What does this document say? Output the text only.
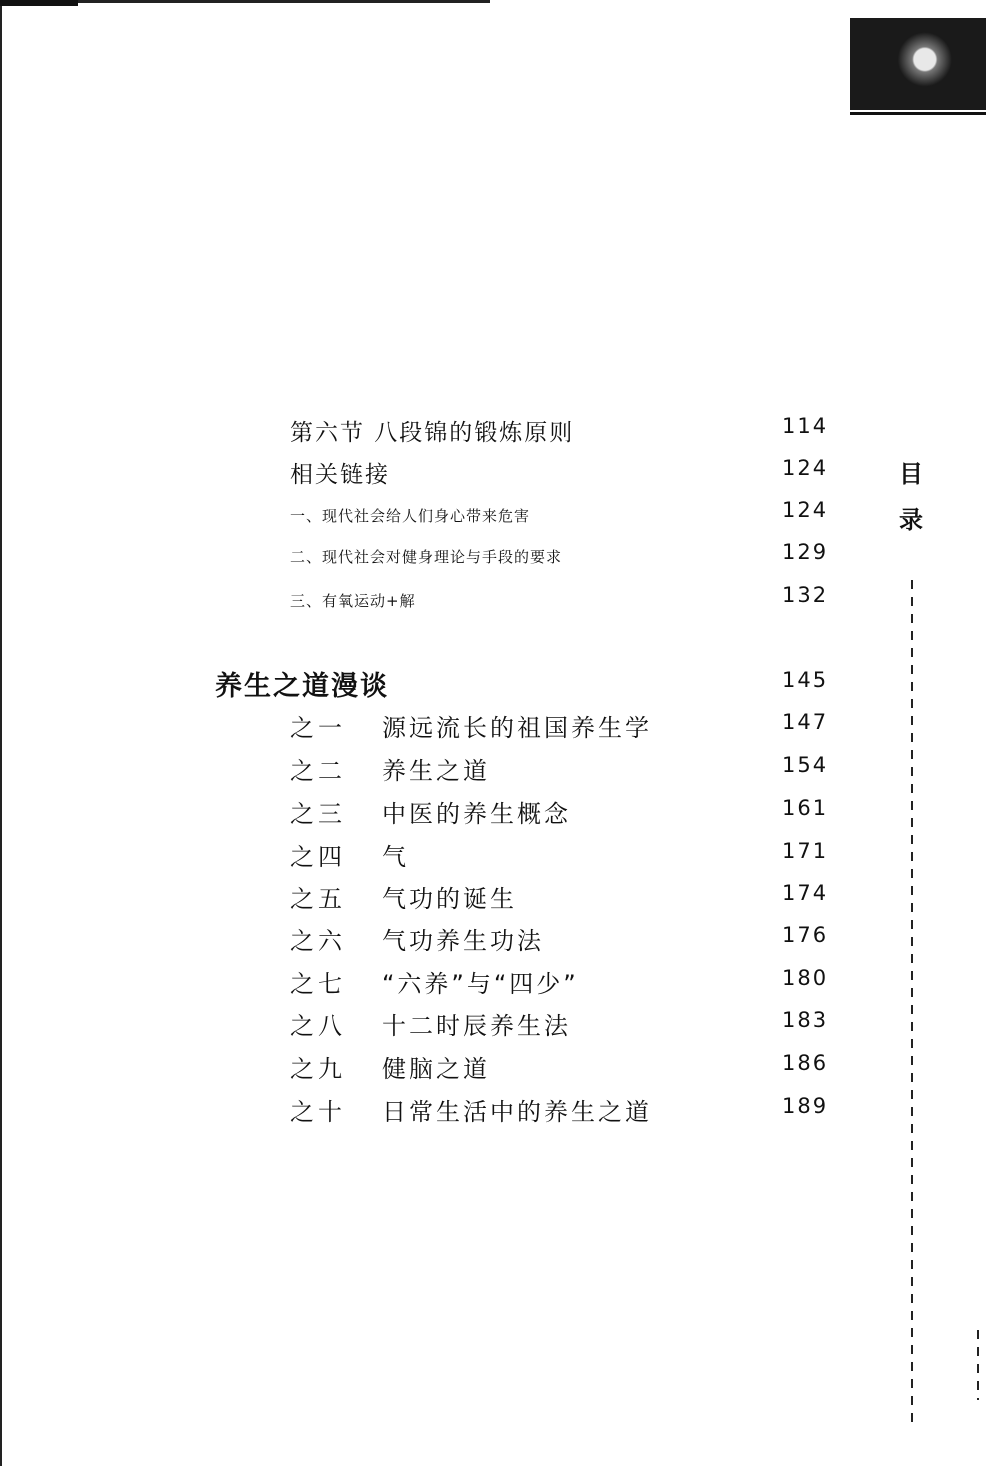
第六节 八段锦的锻炼原则	114
相关链接	124
一、现代社会给人们身心带来危害	124
二、现代社会对健身理论与手段的要求	129
三、有氧运动+解	132
养生之道漫谈	145
之一 源远流长的祖国养生学	147
之二 养生之道	154
之三 中医的养生概念	161
之四 气	171
之五 气功的诞生	174
之六 气功养生功法	176
之七 “六养”与“四少”	180
之八 十二时辰养生法	183
之九 健脑之道	186
之十 日常生活中的养生之道	189
目
录
